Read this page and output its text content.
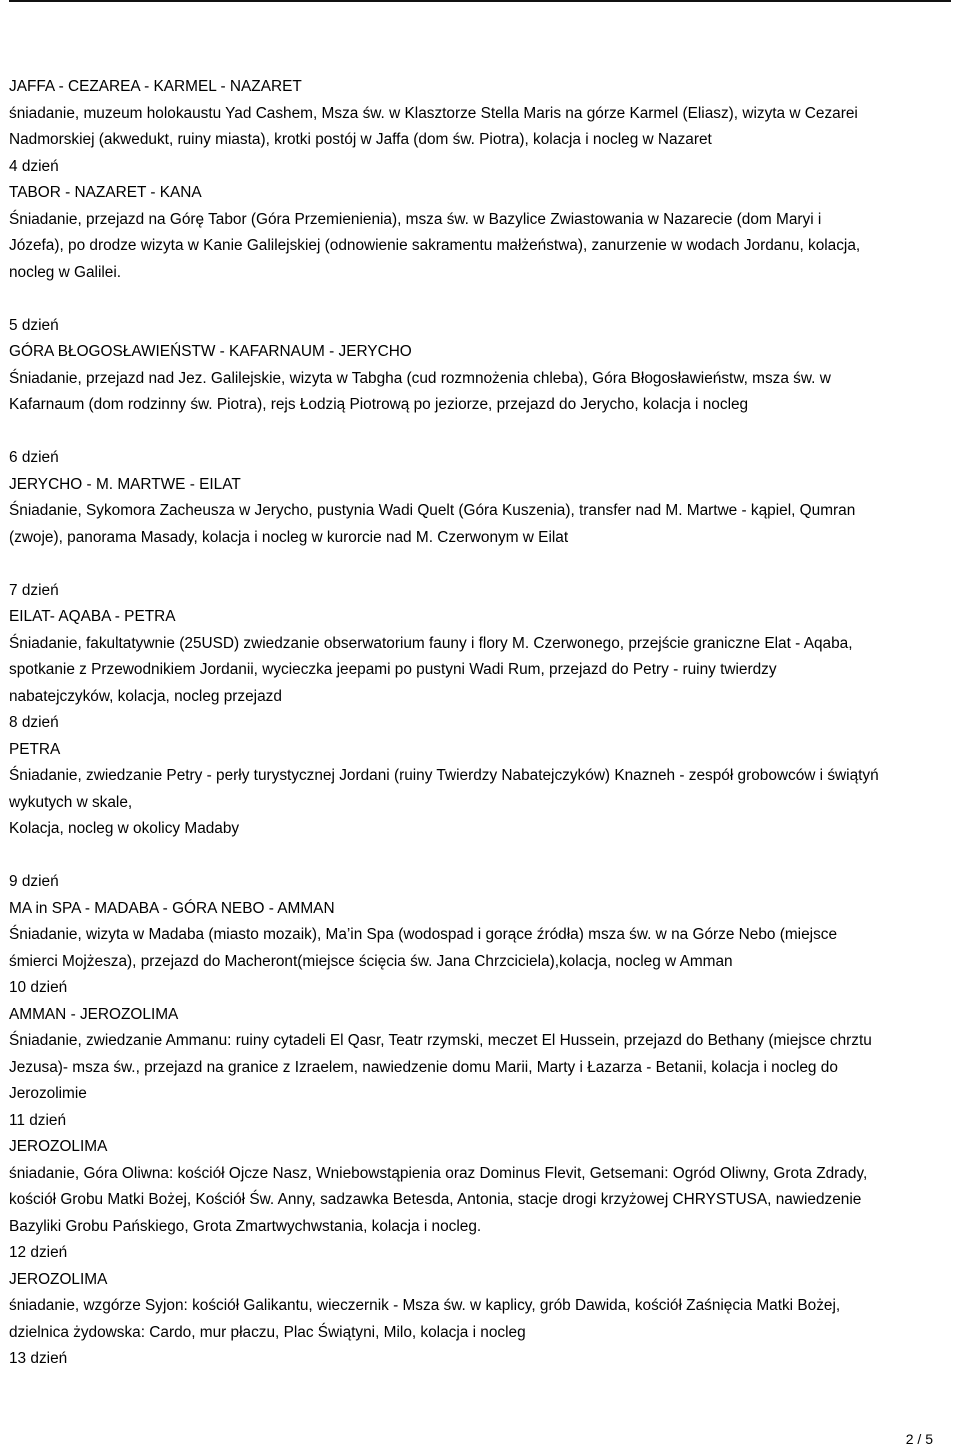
JAFFA - CEZAREA - KARMEL - NAZARET
śniadanie, muzeum holokaustu Yad Cashem, Msza św. w Klasztorze Stella Maris na górze Karmel (Eliasz), wizyta w Cezarei
Nadmorskiej (akwedukt, ruiny miasta), krotki postój w Jaffa (dom św. Piotra), kolacja i nocleg w Nazaret
4 dzień
TABOR - NAZARET - KANA
Śniadanie, przejazd na Górę Tabor (Góra Przemienienia), msza św. w Bazylice Zwiastowania w Nazarecie (dom Maryi i
Józefa), po drodze wizyta w Kanie Galilejskiej (odnowienie sakramentu małżeństwa), zanurzenie w wodach Jordanu, kolacja,
nocleg w Galilei.
5 dzień
GÓRA BŁOGOSŁAWIEŃSTW - KAFARNAUM - JERYCHO
Śniadanie, przejazd nad Jez. Galilejskie, wizyta w Tabgha (cud rozmnożenia chleba), Góra Błogosławieństw, msza św. w
Kafarnaum (dom rodzinny św. Piotra), rejs Łodzią Piotrową po jeziorze, przejazd do Jerycho, kolacja i nocleg
6 dzień
JERYCHO - M. MARTWE - EILAT
Śniadanie, Sykomora Zacheusza w Jerycho, pustynia Wadi Quelt (Góra Kuszenia), transfer nad M. Martwe - kąpiel, Qumran
(zwoje), panorama Masady, kolacja i nocleg w kurorcie nad M. Czerwonym w Eilat
7 dzień
EILAT- AQABA - PETRA
Śniadanie, fakultatywnie (25USD) zwiedzanie obserwatorium fauny i flory M. Czerwonego, przejście graniczne Elat - Aqaba,
spotkanie z Przewodnikiem Jordanii, wycieczka jeepami po pustyni Wadi Rum, przejazd do Petry - ruiny twierdzy
nabatejczyków, kolacja, nocleg przejazd
8 dzień
PETRA
Śniadanie, zwiedzanie Petry - perły turystycznej Jordani (ruiny Twierdzy Nabatejczyków) Knazneh - zespół grobowców i świątyń
wykutych w skale,
Kolacja, nocleg w okolicy Madaby
9 dzień
MA in SPA - MADABA - GÓRA NEBO - AMMAN
Śniadanie, wizyta w Madaba (miasto mozaik), Ma’in Spa (wodospad i gorące źródła) msza św. w na Górze Nebo (miejsce
śmierci Mojżesza), przejazd do Macheront(miejsce ścięcia św. Jana Chrzciciela),kolacja, nocleg w Amman
10 dzień
AMMAN - JEROZOLIMA
Śniadanie, zwiedzanie Ammanu: ruiny cytadeli El Qasr, Teatr rzymski, meczet El Hussein, przejazd do Bethany (miejsce chrztu
Jezusa)- msza św., przejazd na granice z Izraelem, nawiedzenie domu Marii, Marty i Łazarza - Betanii, kolacja i nocleg do
Jerozolimie
11 dzień
JEROZOLIMA
śniadanie, Góra Oliwna: kościół Ojcze Nasz, Wniebowstąpienia oraz Dominus Flevit, Getsemani: Ogród Oliwny, Grota Zdrady,
kościół Grobu Matki Bożej, Kościół Św. Anny, sadzawka Betesda, Antonia, stacje drogi krzyżowej CHRYSTUSA, nawiedzenie
Bazyliki Grobu Pańskiego, Grota Zmartwychwstania, kolacja i nocleg.
12 dzień
JEROZOLIMA
śniadanie, wzgórze Syjon: kościół Galikantu, wieczernik - Msza św. w kaplicy, grób Dawida, kościół Zaśnięcia Matki Bożej,
dzielnica żydowska: Cardo, mur płaczu, Plac Świątyni, Milo, kolacja i nocleg
13 dzień
2 / 5
